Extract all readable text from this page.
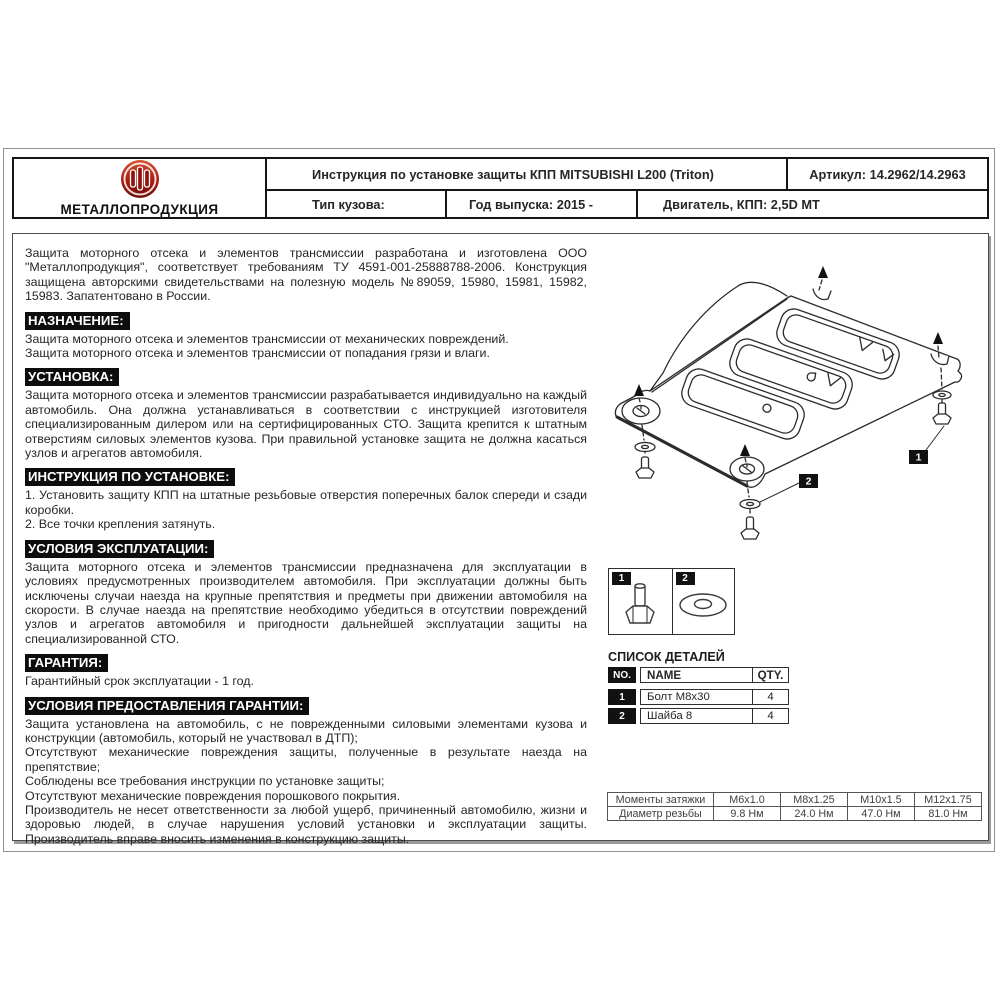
МЕТАЛЛОПРОДУКЦИЯ
Инструкция по установке защиты КПП MITSUBISHI L200 (Triton)	Артикул: 14.2962/14.2963
Тип кузова:	Год выпуска: 2015 -	Двигатель, КПП: 2,5D MT
Защита моторного отсека и элементов трансмиссии разработана и изготовлена ООО "Металлопродукция", соответствует требованиям ТУ 4591-001-25888788-2006. Конструкция защищена авторскими свидетельствами на полезную модель №89059, 15980, 15981, 15982, 15983. Запатентовано в России.
НАЗНАЧЕНИЕ:
Защита моторного отсека и элементов трансмиссии от механических повреждений.
Защита моторного отсека и элементов трансмиссии от попадания грязи и влаги.
УСТАНОВКА:
Защита моторного отсека и элементов трансмиссии разрабатывается индивидуально на каждый автомобиль. Она должна устанавливаться в соответствии с инструкцией изготовителя специализированным дилером или на сертифицированных СТО. Защита крепится к штатным отверстиям силовых элементов кузова. При правильной установке защита не должна касаться узлов и агрегатов автомобиля.
ИНСТРУКЦИЯ ПО УСТАНОВКЕ:
1. Установить защиту КПП на штатные резьбовые отверстия поперечных балок спереди и сзади коробки.
2. Все точки крепления затянуть.
УСЛОВИЯ ЭКСПЛУАТАЦИИ:
Защита моторного отсека и элементов трансмиссии предназначена для эксплуатации в условиях предусмотренных производителем автомобиля. При эксплуатации должны быть исключены случаи наезда на крупные препятствия и предметы при движении автомобиля на скорости. В случае наезда на препятствие необходимо убедиться в отсутствии повреждений узлов и агрегатов автомобиля и пригодности дальнейшей эксплуатации защиты на специализированной СТО.
ГАРАНТИЯ:
Гарантийный срок эксплуатации - 1 год.
УСЛОВИЯ ПРЕДОСТАВЛЕНИЯ ГАРАНТИИ:
Защита установлена на автомобиль, с не поврежденными силовыми элементами кузова и конструкции (автомобиль, который не участвовал в ДТП);
Отсутствуют механические повреждения защиты, полученные в результате наезда на препятствие;
Соблюдены все требования инструкции по установке защиты;
Отсутствуют механические повреждения порошкового покрытия.
Производитель не несет ответственности за любой ущерб, причиненный автомобилю, жизни и здоровью людей, в случае нарушения условий установки и эксплуатации защиты. Производитель вправе вносить изменения в конструкцию защиты.
1
2
1	2
СПИСОК ДЕТАЛЕЙ
NO.	NAME	QTY.
1	Болт М8х30	4
2	Шайба 8	4
Моменты затяжки	M6x1.0	M8x1.25	M10x1.5	M12x1.75
Диаметр резьбы	9.8 Нм	24.0 Нм	47.0 Нм	81.0 Нм
